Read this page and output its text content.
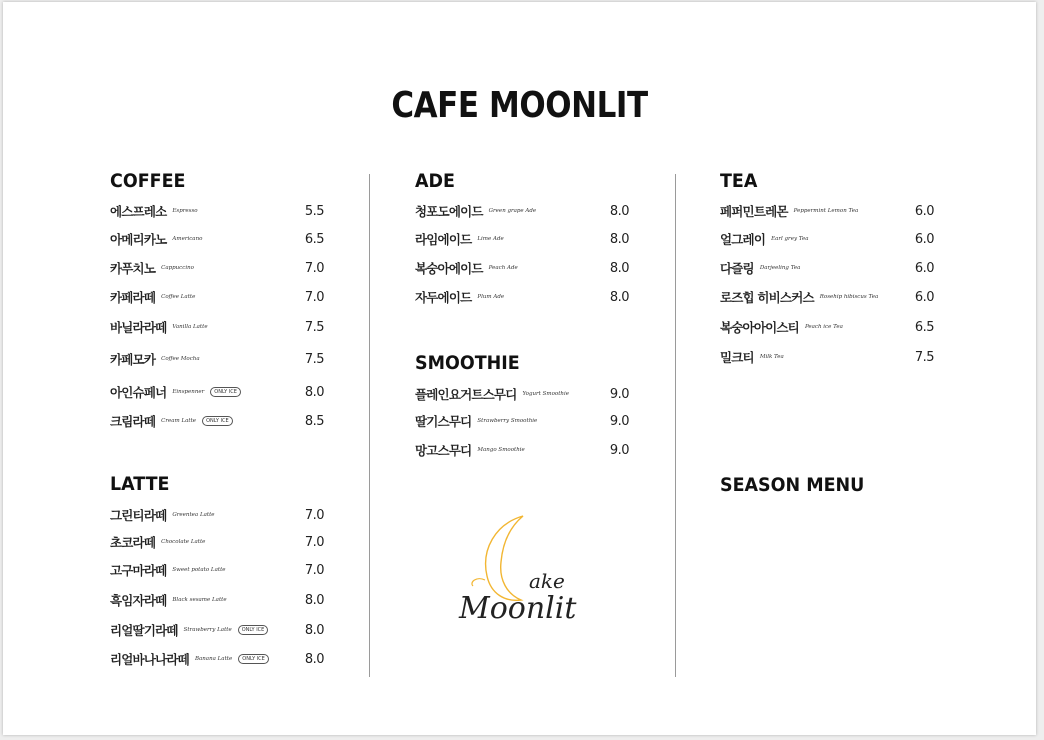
CAFE MOONLIT
COFFEE
LATTE
ADE
SMOOTHIE
TEA
SEASON MENU
에스프레소 Espresso	5.5
아메리카노 Americano	6.5
카푸치노 Cappuccino	7.0
카페라떼 Coffee Latte	7.0
바닐라라떼 Vanilla Latte	7.5
카페모카 Coffee Mocha	7.5
아인슈페너 Einspenner	ONLY ICE	8.0
크림라떼 Cream Latte	ONLY ICE	8.5
그린티라떼 Greentea Latte	7.0
초코라떼 Chocolate Latte	7.0
고구마라떼 Sweet potato Latte	7.0
흑임자라떼 Black sesame Latte	8.0
리얼딸기라떼 Strawberry Latte	ONLY ICE	8.0
리얼바나나라떼 Banana Latte	ONLY ICE	8.0
청포도에이드 Green grape Ade	8.0
라임에이드 Lime Ade	8.0
복숭아에이드 Peach Ade	8.0
자두에이드 Plum Ade	8.0
플레인요거트스무디 Yogurt Smoothie	9.0
딸기스무디 Strawberry Smoothie	9.0
망고스무디 Mango Smoothie	9.0
페퍼민트레몬 Peppermint Lemon Tea	6.0
얼그레이 Earl grey Tea	6.0
다즐링 Darjeeling Tea	6.0
로즈힙 히비스커스 Rosehip hibiscus Tea	6.0
복숭아아이스티 Peach ice Tea	6.5
밀크티 Milk Tea	7.5
ake
Moonlit
